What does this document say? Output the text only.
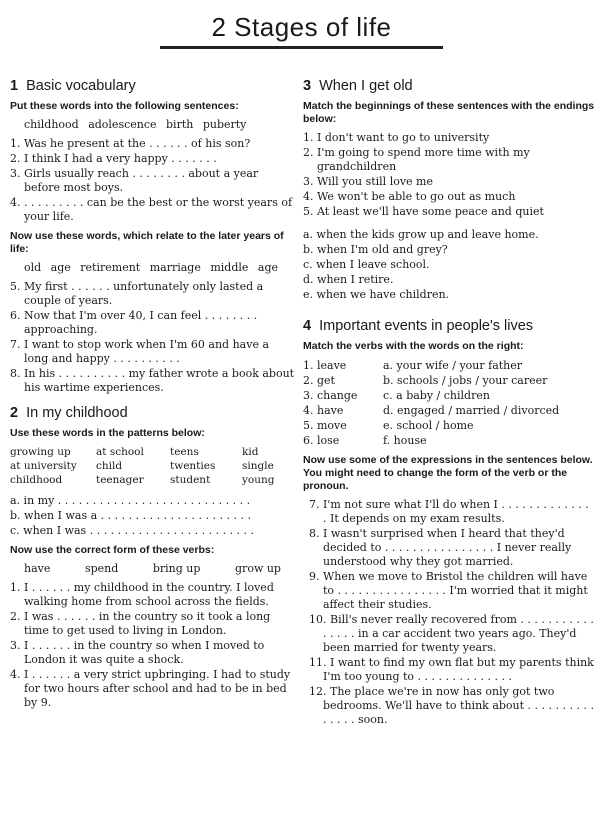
2 Stages of life
1 Basic vocabulary
Put these words into the following sentences:
childhood adolescence birth puberty
1. Was he present at the . . . . . . of his son?
2. I think I had a very happy . . . . . . .
3. Girls usually reach . . . . . . . . about a year before most boys.
4. . . . . . . . . . can be the best or the worst years of your life.
Now use these words, which relate to the later years of life:
old age retirement marriage middle age
5. My first . . . . . . unfortunately only lasted a couple of years.
6. Now that I'm over 40, I can feel . . . . . . . . approaching.
7. I want to stop work when I'm 60 and have a long and happy . . . . . . . . . .
8. In his . . . . . . . . . . my father wrote a book about his wartime experiences.
2 In my childhood
Use these words in the patterns below:
growing up	at school	teens	kid
at university	child	twenties	single
childhood	teenager	student	young
a. in my . . . . . . . . . . . . . . . . . . . . . . . . . . . .
b. when I was a . . . . . . . . . . . . . . . . . . . . . .
c. when I was . . . . . . . . . . . . . . . . . . . . . . . .
Now use the correct form of these verbs:
have	spend	bring up	grow up
1. I . . . . . . my childhood in the country. I loved walking home from school across the fields.
2. I was . . . . . . in the country so it took a long time to get used to living in London.
3. I . . . . . . in the country so when I moved to London it was quite a shock.
4. I . . . . . . a very strict upbringing. I had to study for two hours after school and had to be in bed by 9.
3 When I get old
Match the beginnings of these sentences with the endings below:
1. I don't want to go to university
2. I'm going to spend more time with my grandchildren
3. Will you still love me
4. We won't be able to go out as much
5. At least we'll have some peace and quiet
a. when the kids grow up and leave home.
b. when I'm old and grey?
c. when I leave school.
d. when I retire.
e. when we have children.
4 Important events in people's lives
Match the verbs with the words on the right:
1. leave	a. your wife / your father
2. get	b. schools / jobs / your career
3. change	c. a baby / children
4. have	d. engaged / married / divorced
5. move	e. school / home
6. lose	f. house
Now use some of the expressions in the sentences below. You might need to change the form of the verb or the pronoun.
7. I'm not sure what I'll do when I . . . . . . . . . . . . . . It depends on my exam results.
8. I wasn't surprised when I heard that they'd decided to . . . . . . . . . . . . . . . . I never really understood why they got married.
9. When we move to Bristol the children will have to . . . . . . . . . . . . . . . . I'm worried that it might affect their studies.
10. Bill's never really recovered from . . . . . . . . . . . . . . . . in a car accident two years ago. They'd been married for twenty years.
11. I want to find my own flat but my parents think I'm too young to . . . . . . . . . . . . . .
12. The place we're in now has only got two bedrooms. We'll have to think about . . . . . . . . . . . . . . . soon.
